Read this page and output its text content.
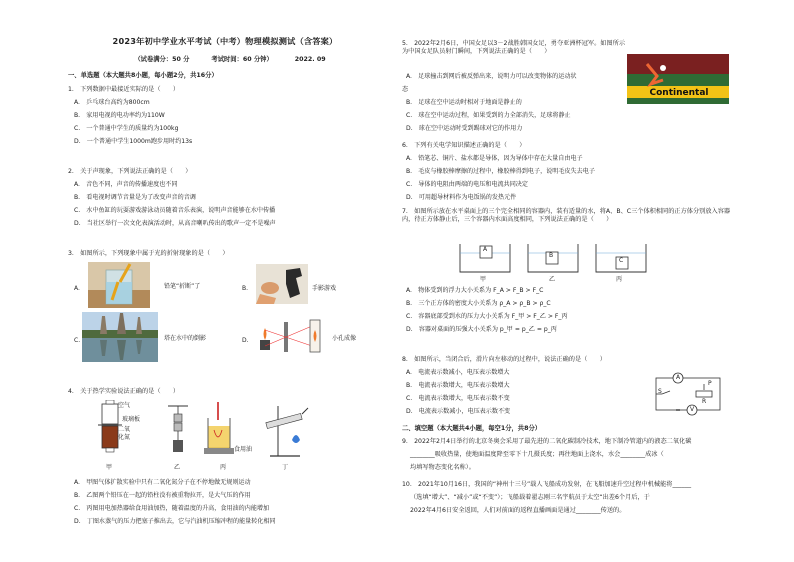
2023年初中学业水平考试（中考）物理模拟测试（含答案）
（试卷满分：50 分	考试时间：60 分钟）	2022. 09
一、单选题（本大题共8小题，每小题2分，共16分）
1.　下列数据中最接近实际的是（　　）
A.　乒乓球台高约为800cm
B.　家用电视的电功率约为110W
C.　一个普通中学生的质量约为100kg
D.　一个普通中学生1000m跑步用时约13s
2.　关于声现象，下列说法正确的是（　　）
A.　音色不同，声音的传播速度也不同
B.　看电视时调节音量是为了改变声音的音调
C.　水中鱼缸的玩耍游戏游泳动员随着音乐表演，说明声音能够在水中传播
D.　当社区举行一次文化表演活动时，从高音喇叭传出的歌声一定不是噪声
3.　如图所示，下列现象中属于光的折射现象的是（　　）
A.	铅笔“折断”了	B.	手影游戏
C.	塔在水中的倒影	D.	小孔成像
4.　关于热学实验说法正确的是（　　）
空气
玻璃板
二氧化氮
食用油
甲	乙	丙	丁
A.　甲图气体扩散实验中只有二氧化氮分子在不停地做无规则运动
B.　乙图两个铅压在一起的铅柱没有被重物拉开，是大气压的作用
C.　丙图用电加热器给食用油加热，随着温度的升高，食用油的内能增加
D.　丁图水蒸气的压力把塞子推出去，它与汽油机压缩冲程的能量转化相同
5.　2022年2月6日，中国女足以3－2战胜韩国女足，勇夺亚洲杯冠军。如图所示为中国女足队员射门瞬间，下列说法正确的是（　　）
A.　足球撞击到网后被反弹出来，说明力可以改变物体的运动状
态	Continental
B.　足球在空中运动时相对于地面是静止的
C.　球在空中运动过程，如果受到的力全部消失，足球将静止
D.　球在空中运动时受到踢球对它的作用力
6.　下列有关电学知识描述正确的是（　　）
A.　铅笔芯、铜片、盐水都是导体，因为导体中存在大量自由电子
B.　毛皮与橡胶棒摩擦的过程中，橡胶棒得到电子，说明毛皮失去电子
C.　导体的电阻由两端的电压和电流共同决定
D.　可用超导材料作为电饭锅的发热元件
7.　如图所示放在水平桌面上的三个完全相同的容器内，装有适量的水，将A、B、C三个体积相同的正方体分别放入容器内，待正方体静止后，三个容器内水面高度相同，下列说法正确的是（　　）
A
B
C
甲	乙	丙
A.　物体受到的浮力大小关系为 F_A > F_B > F_C
B.　三个正方体的密度大小关系为 ρ_A > ρ_B > ρ_C
C.　容器底部受到水的压力大小关系为 F_甲 > F_乙 > F_丙
D.　容器对桌面的压强大小关系为 p_甲 = p_乙 = p_丙
8.　如图所示，当闭合后，滑片向左移动的过程中，说法正确的是（　　）
A.　电流表示数减小，电压表示数增大
B.　电流表示数增大，电压表示数增大
C.　电流表示数增大，电压表示数不变
D.　电流表示数减小，电压表示数不变
A
V
S
R
P
二、填空题（本大题共4小题，每空1分，共8分）
9.　2022年2月4日举行的北京冬奥会采用了最先进的二氧化碳制冷技术，地下制冷管道内的液态二氧化碳
________吸收热量，使地面温度降至零下十几摄氏度；再往地面上浇水，水会________成冰（
均填写物态变化名称）。
10.　2021年10月16日，我国的“神州十三号”载人飞船成功发射，在飞船加速升空过程中机械能将______
（选填“增大”、“减小”或“不变”）；飞船载着翟志刚三名宇航员于太空“出差6个月后，于
2022年4月6日安全返回，人们对前面的返程直播画面是通过________传送的。
